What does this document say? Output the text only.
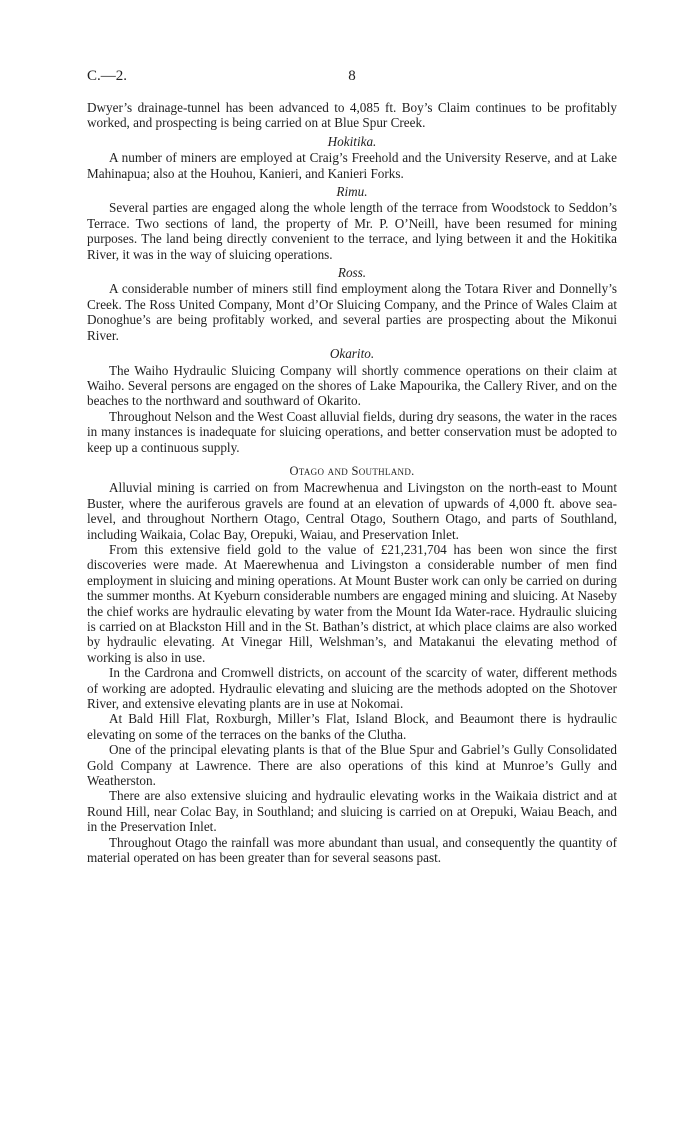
C.—2.	8

Dwyer’s drainage-tunnel has been advanced to 4,085 ft. Boy’s Claim continues to be profitably worked, and prospecting is being carried on at Blue Spur Creek.

Hokitika.

A number of miners are employed at Craig’s Freehold and the University Reserve, and at Lake Mahinapua; also at the Houhou, Kanieri, and Kanieri Forks.

Rimu.

Several parties are engaged along the whole length of the terrace from Woodstock to Seddon’s Terrace. Two sections of land, the property of Mr. P. O’Neill, have been resumed for mining purposes. The land being directly convenient to the terrace, and lying between it and the Hokitika River, it was in the way of sluicing operations.

Ross.

A considerable number of miners still find employment along the Totara River and Donnelly’s Creek. The Ross United Company, Mont d’Or Sluicing Company, and the Prince of Wales Claim at Donoghue’s are being profitably worked, and several parties are prospecting about the Mikonui River.

Okarito.

The Waiho Hydraulic Sluicing Company will shortly commence operations on their claim at Waiho. Several persons are engaged on the shores of Lake Mapourika, the Callery River, and on the beaches to the northward and southward of Okarito.

Throughout Nelson and the West Coast alluvial fields, during dry seasons, the water in the races in many instances is inadequate for sluicing operations, and better conservation must be adopted to keep up a continuous supply.

Otago and Southland.

Alluvial mining is carried on from Macrewhenua and Livingston on the north-east to Mount Buster, where the auriferous gravels are found at an elevation of upwards of 4,000 ft. above sea-level, and throughout Northern Otago, Central Otago, Southern Otago, and parts of Southland, including Waikaia, Colac Bay, Orepuki, Waiau, and Preservation Inlet.

From this extensive field gold to the value of £21,231,704 has been won since the first discoveries were made. At Maerewhenua and Livingston a considerable number of men find employment in sluicing and mining operations. At Mount Buster work can only be carried on during the summer months. At Kyeburn considerable numbers are engaged mining and sluicing. At Naseby the chief works are hydraulic elevating by water from the Mount Ida Water-race. Hydraulic sluicing is carried on at Blackston Hill and in the St. Bathan’s district, at which place claims are also worked by hydraulic elevating. At Vinegar Hill, Welshman’s, and Matakanui the elevating method of working is also in use.

In the Cardrona and Cromwell districts, on account of the scarcity of water, different methods of working are adopted. Hydraulic elevating and sluicing are the methods adopted on the Shotover River, and extensive elevating plants are in use at Nokomai.

At Bald Hill Flat, Roxburgh, Miller’s Flat, Island Block, and Beaumont there is hydraulic elevating on some of the terraces on the banks of the Clutha.

One of the principal elevating plants is that of the Blue Spur and Gabriel’s Gully Consolidated Gold Company at Lawrence. There are also operations of this kind at Munroe’s Gully and Weatherston.

There are also extensive sluicing and hydraulic elevating works in the Waikaia district and at Round Hill, near Colac Bay, in Southland; and sluicing is carried on at Orepuki, Waiau Beach, and in the Preservation Inlet.

Throughout Otago the rainfall was more abundant than usual, and consequently the quantity of material operated on has been greater than for several seasons past.
